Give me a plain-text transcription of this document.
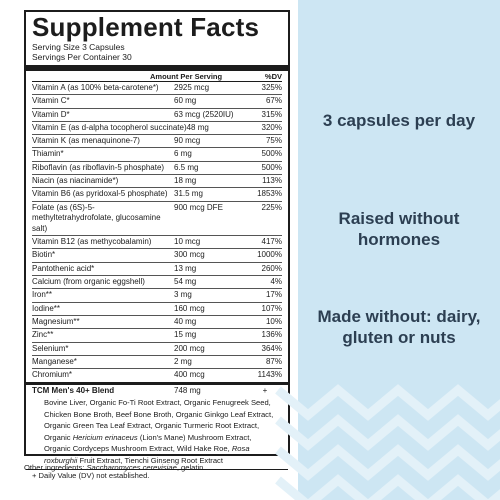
Supplement Facts
Serving Size 3 Capsules
Servings Per Container 30
Amount Per Serving	%DV
Vitamin A (as 100% beta-carotene*)	2925 mcg	325%
Vitamin C*	60 mg	67%
Vitamin D*	63 mcg (2520IU)	315%
Vitamin E (as d-alpha tocopherol succinate) 48 mg	320%
Vitamin K (as menaquinone-7)	90 mcg	75%
Thiamin*	6 mg	500%
Riboflavin (as riboflavin-5 phosphate)	6.5 mg	500%
Niacin (as niacinamide*)	18 mg	113%
Vitamin B6 (as pyridoxal-5 phosphate) 31.5 mg	1853%
Folate (as (6S)-5-methyltetrahydrofolate, glucosamine salt)
900 mcg DFE	225%
Vitamin B12 (as methycobalamin)	10 mcg	417%
Biotin*	300 mcg	1000%
Pantothenic acid*	13 mg	260%
Calcium (from organic eggshell)	54 mg	4%
Iron**	3 mg	17%
Iodine**	160 mcg	107%
Magnesium**	40 mg	10%
Zinc**	15 mg	136%
Selenium*	200 mcg	364%
Manganese*	2 mg	87%
Chromium*	400 mcg	1143%
TCM Men's 40+ Blend	748 mg	+
Bovine Liver, Organic Fo-Ti Root Extract, Organic Fenugreek Seed, Chicken Bone Broth, Beef Bone Broth, Organic Ginkgo Leaf Extract, Organic Green Tea Leaf Extract, Organic Turmeric Root Extract, Organic Hericium erinaceus (Lion's Mane) Mushroom Extract, Organic Cordyceps Mushroom Extract, Wild Hake Roe, Rosa roxburghii Fruit Extract, Tienchi Ginseng Root Extract
+ Daily Value (DV) not established.
Other ingredients: Saccharomyces cerevisiae, gelatin.
3 capsules per day
Raised without hormones
Made without: dairy, gluten or nuts
